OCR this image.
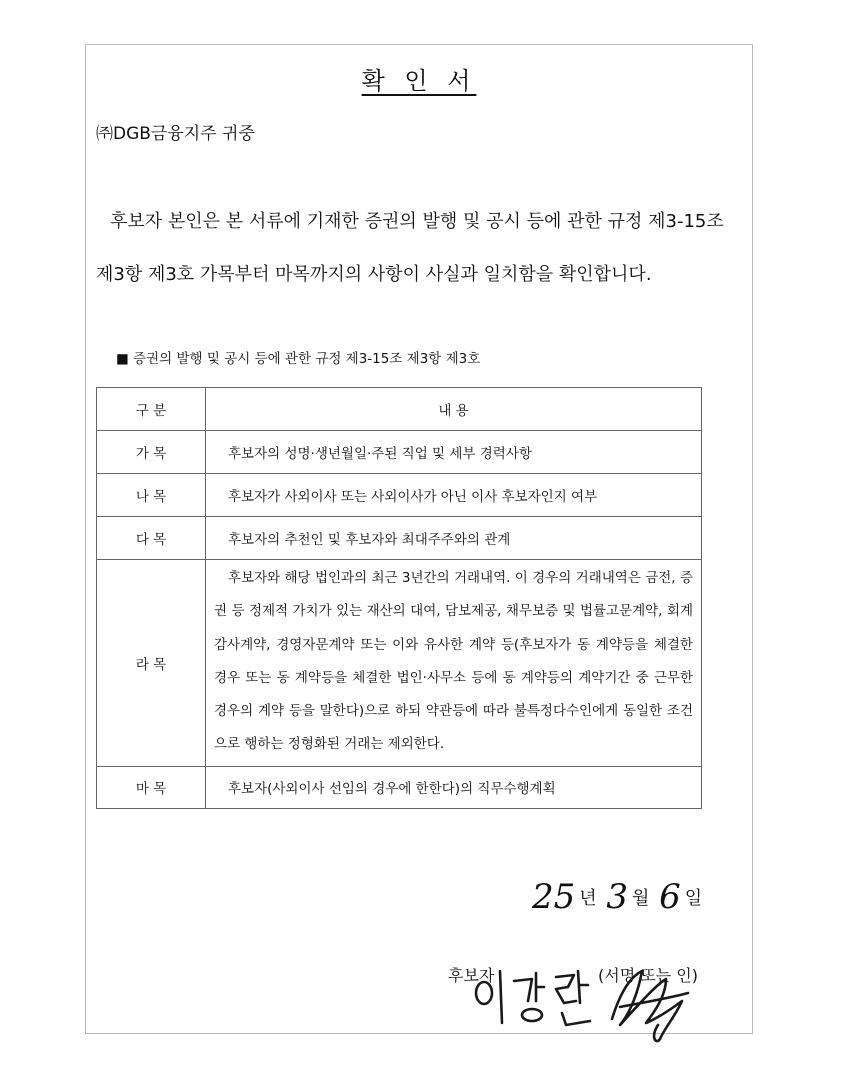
확 인 서
㈜DGB금융지주 귀중
후보자 본인은 본 서류에 기재한 증권의 발행 및 공시 등에 관한 규정 제3-15조 제3항 제3호 가목부터 마목까지의 사항이 사실과 일치함을 확인합니다.
■ 증권의 발행 및 공시 등에 관한 규정 제3-15조 제3항 제3호
구 분	내 용
가 목	후보자의 성명·생년월일·주된 직업 및 세부 경력사항
나 목	후보자가 사외이사 또는 사외이사가 아닌 이사 후보자인지 여부
다 목	후보자의 추천인 및 후보자와 최대주주와의 관계
라 목	후보자와 해당 법인과의 최근 3년간의 거래내역. 이 경우의 거래내역은 금전, 증권 등 정제적 가치가 있는 재산의 대여, 담보제공, 채무보증 및 법률고문계약, 회계감사계약, 경영자문계약 또는 이와 유사한 계약 등(후보자가 동 계약등을 체결한 경우 또는 동 계약등을 체결한 법인·사무소 등에 동 계약등의 계약기간 중 근무한 경우의 계약 등을 말한다)으로 하되 약관등에 따라 불특정다수인에게 동일한 조건으로 행하는 정형화된 거래는 제외한다.
마 목	후보자(사외이사 선임의 경우에 한한다)의 직무수행계획
25 년 3 월 6 일
후보자	(서명 또는 인)
